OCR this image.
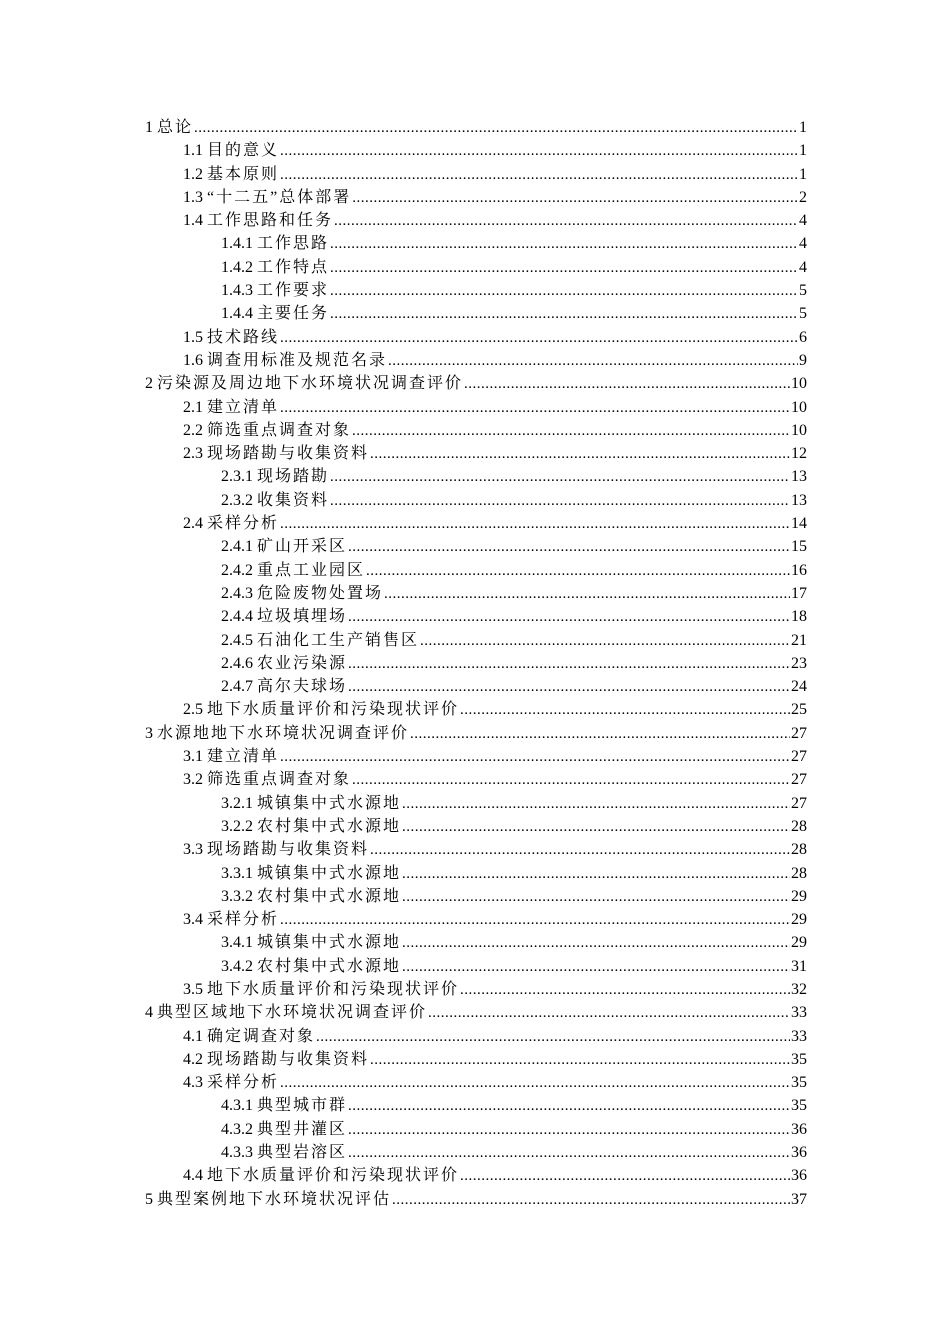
1 总论 .....	1
1.1 目的意义 .....	1
1.2 基本原则 .....	1
1.3 “十二五”总体部署 .....	2
1.4 工作思路和任务 .....	4
1.4.1 工作思路 .....	4
1.4.2 工作特点 .....	4
1.4.3 工作要求 .....	5
1.4.4 主要任务 .....	5
1.5 技术路线 .....	6
1.6 调查用标准及规范名录 .....	9
2 污染源及周边地下水环境状况调查评价 .....	10
2.1 建立清单 .....	10
2.2 筛选重点调查对象 .....	10
2.3 现场踏勘与收集资料 .....	12
2.3.1 现场踏勘 .....	13
2.3.2 收集资料 .....	13
2.4 采样分析 .....	14
2.4.1 矿山开采区 .....	15
2.4.2 重点工业园区 .....	16
2.4.3 危险废物处置场 .....	17
2.4.4 垃圾填埋场 .....	18
2.4.5 石油化工生产销售区 .....	21
2.4.6 农业污染源 .....	23
2.4.7 高尔夫球场 .....	24
2.5 地下水质量评价和污染现状评价 .....	25
3 水源地地下水环境状况调查评价 .....	27
3.1 建立清单 .....	27
3.2 筛选重点调查对象 .....	27
3.2.1 城镇集中式水源地 .....	27
3.2.2 农村集中式水源地 .....	28
3.3 现场踏勘与收集资料 .....	28
3.3.1 城镇集中式水源地 .....	28
3.3.2 农村集中式水源地 .....	29
3.4 采样分析 .....	29
3.4.1 城镇集中式水源地 .....	29
3.4.2 农村集中式水源地 .....	31
3.5 地下水质量评价和污染现状评价 .....	32
4 典型区域地下水环境状况调查评价 .....	33
4.1 确定调查对象 .....	33
4.2 现场踏勘与收集资料 .....	35
4.3 采样分析 .....	35
4.3.1 典型城市群 .....	35
4.3.2 典型井灌区 .....	36
4.3.3 典型岩溶区 .....	36
4.4 地下水质量评价和污染现状评价 .....	36
5 典型案例地下水环境状况评估 .....	37
